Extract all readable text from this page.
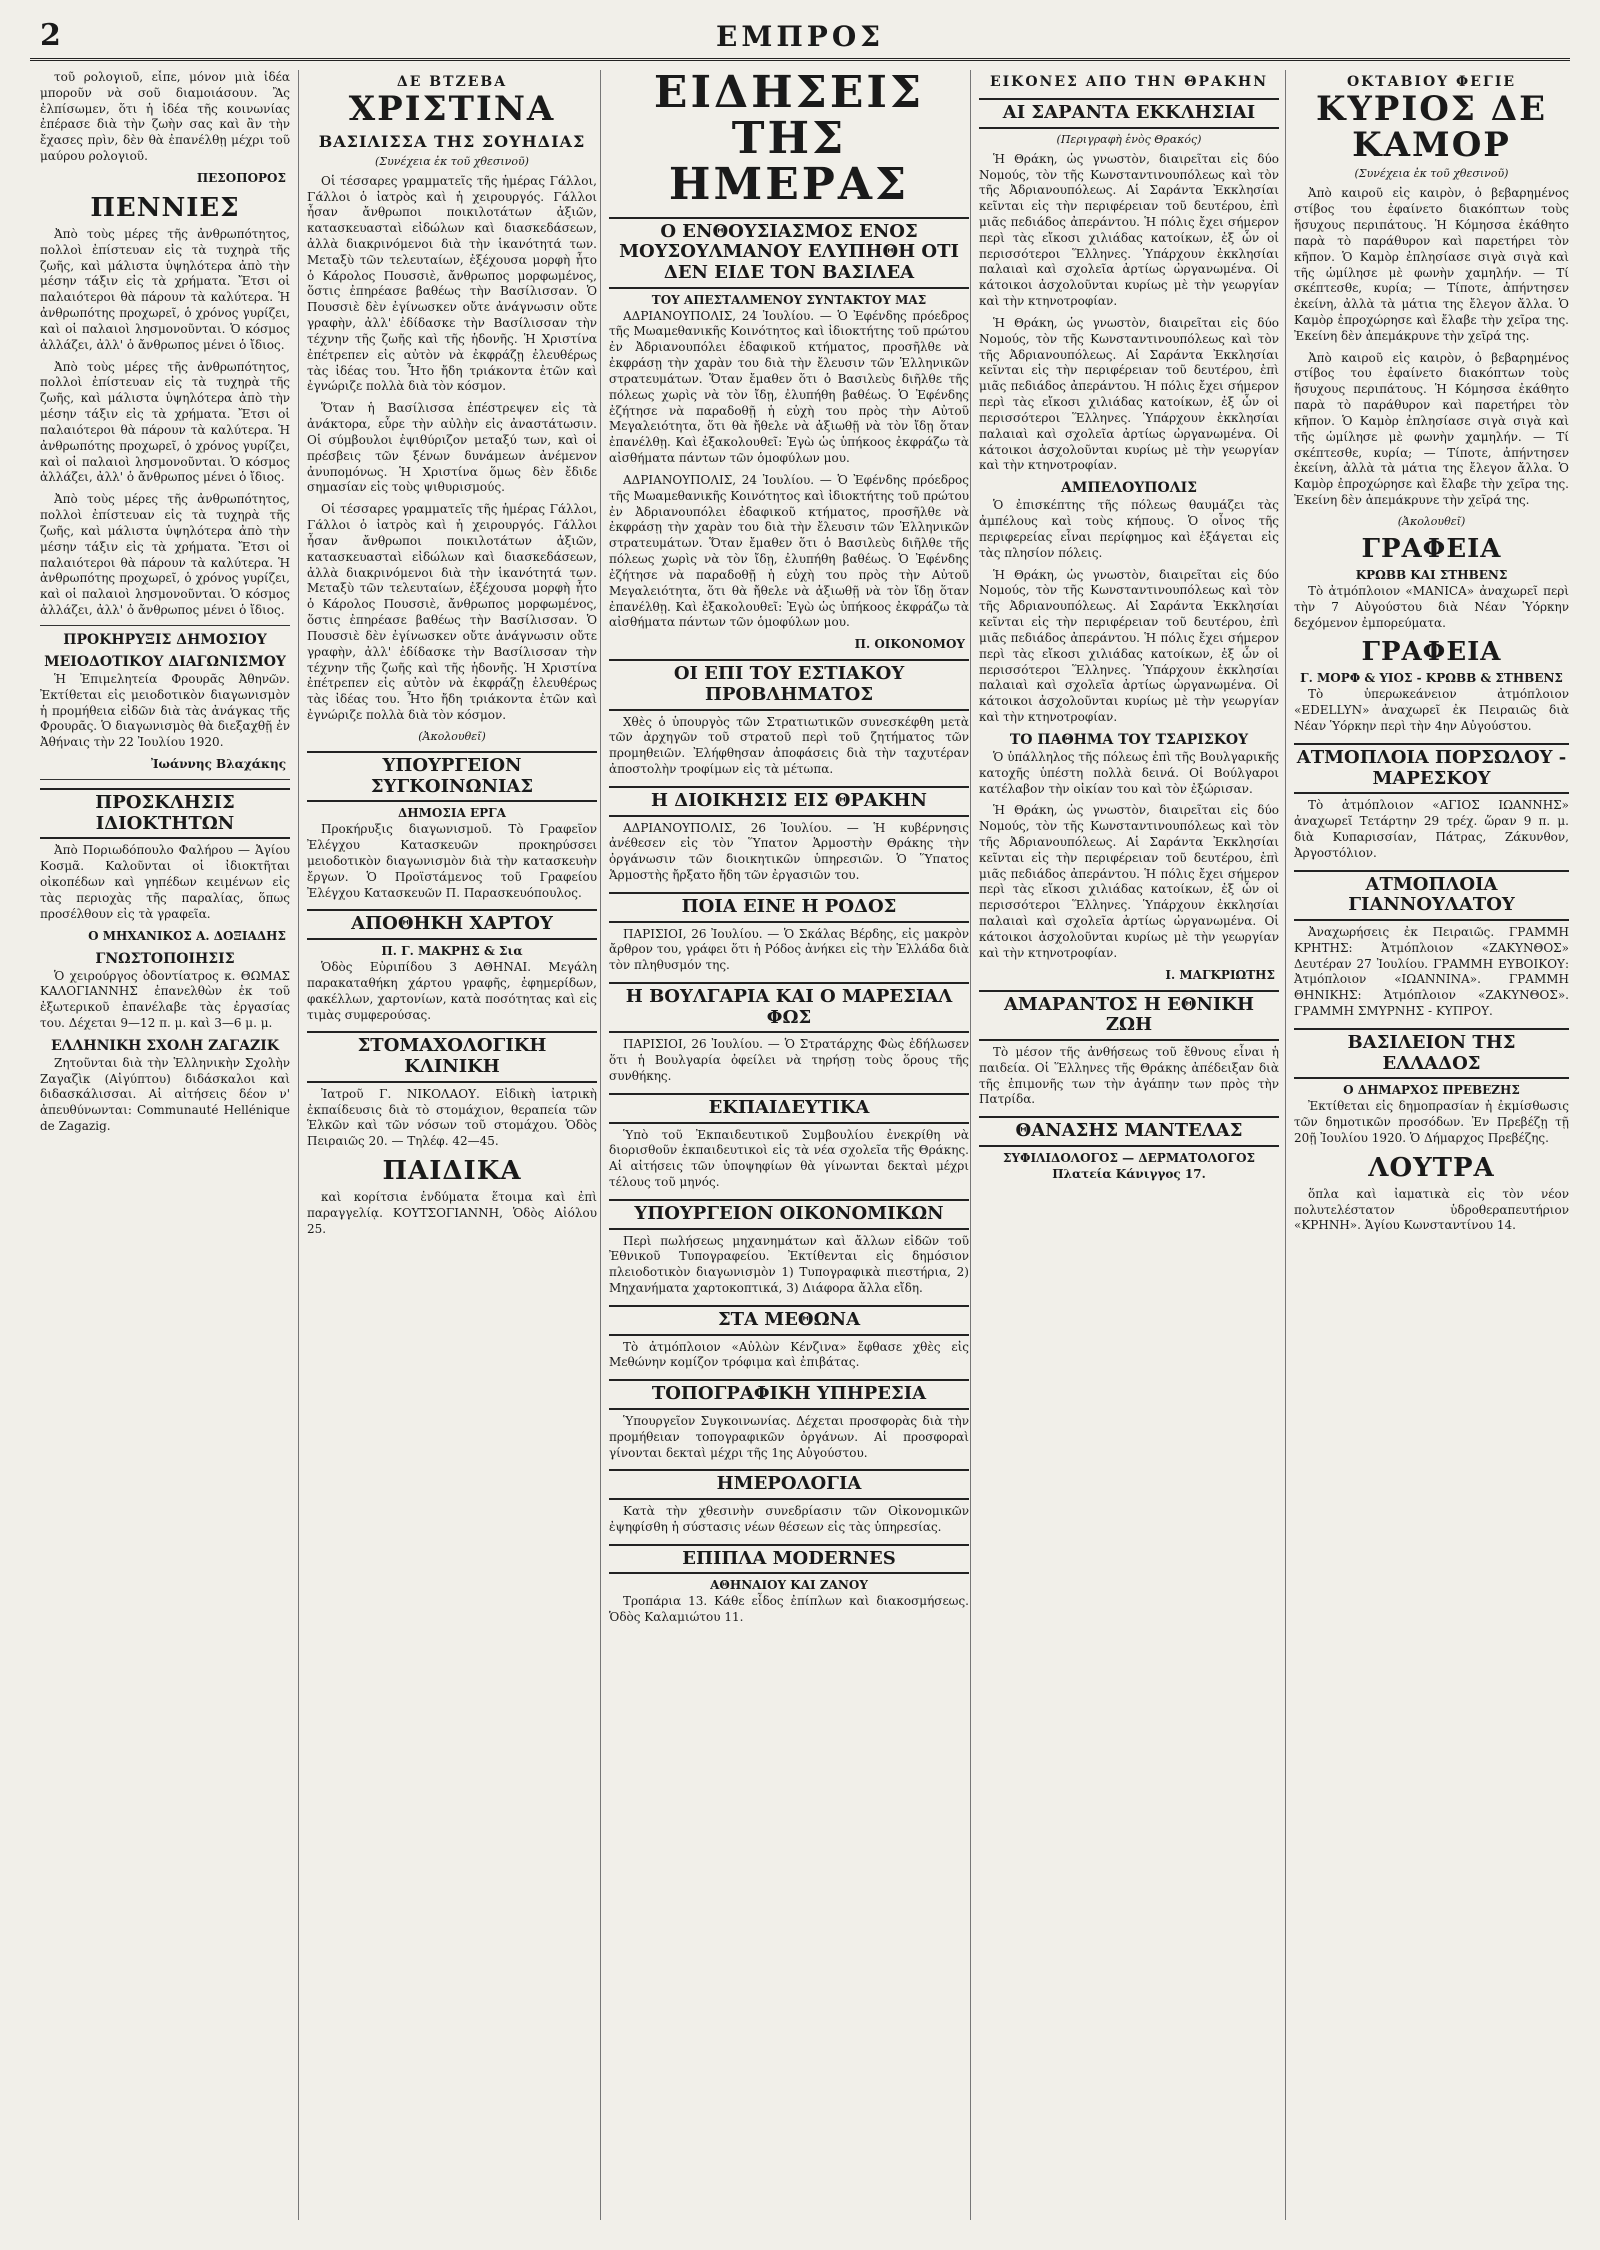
2	ΕΜΠΡΟΣ

τοῦ ρολογιοῦ, εἶπε, μόνον μιὰ ἰδέα μποροῦν νὰ σοῦ διαμοιάσουν. Ἂς ἐλπίσωμεν, ὅτι ἡ ἰδέα τῆς κοινωνίας ἐπέρασε διὰ τὴν ζωὴν σας καὶ ἂν τὴν ἔχασες πρὶν, δὲν θὰ ἐπανέλθῃ μέχρι τοῦ μαύρου ρολογιοῦ.

ΠΕΣΟΠΟΡΟΣ
ΠΕΝΝΙΕΣ

Ἀπὸ τοὺς μέρες τῆς ἀνθρωπότητος, πολλοὶ ἐπίστευαν εἰς τὰ τυχηρὰ τῆς ζωῆς, καὶ μάλιστα ὑψηλότερα ἀπὸ τὴν μέσην τάξιν εἰς τὰ χρήματα. Ἔτσι οἱ παλαιότεροι θὰ πάρουν τὰ καλύτερα. Ἡ ἀνθρωπότης προχωρεῖ, ὁ χρόνος γυρίζει, καὶ οἱ παλαιοὶ λησμονοῦνται. Ὁ κόσμος ἀλλάζει, ἀλλ' ὁ ἄνθρωπος μένει ὁ ἴδιος.

Ἀπὸ τοὺς μέρες τῆς ἀνθρωπότητος, πολλοὶ ἐπίστευαν εἰς τὰ τυχηρὰ τῆς ζωῆς, καὶ μάλιστα ὑψηλότερα ἀπὸ τὴν μέσην τάξιν εἰς τὰ χρήματα. Ἔτσι οἱ παλαιότεροι θὰ πάρουν τὰ καλύτερα. Ἡ ἀνθρωπότης προχωρεῖ, ὁ χρόνος γυρίζει, καὶ οἱ παλαιοὶ λησμονοῦνται. Ὁ κόσμος ἀλλάζει, ἀλλ' ὁ ἄνθρωπος μένει ὁ ἴδιος.

Ἀπὸ τοὺς μέρες τῆς ἀνθρωπότητος, πολλοὶ ἐπίστευαν εἰς τὰ τυχηρὰ τῆς ζωῆς, καὶ μάλιστα ὑψηλότερα ἀπὸ τὴν μέσην τάξιν εἰς τὰ χρήματα. Ἔτσι οἱ παλαιότεροι θὰ πάρουν τὰ καλύτερα. Ἡ ἀνθρωπότης προχωρεῖ, ὁ χρόνος γυρίζει, καὶ οἱ παλαιοὶ λησμονοῦνται. Ὁ κόσμος ἀλλάζει, ἀλλ' ὁ ἄνθρωπος μένει ὁ ἴδιος.

ΠΡΟΚΗΡΥΞΙΣ ΔΗΜΟΣΙΟΥ
ΜΕΙΟΔΟΤΙΚΟΥ ΔΙΑΓΩΝΙΣΜΟΥ

Ἡ Ἐπιμελητεία Φρουρᾶς Ἀθηνῶν. Ἐκτίθεται εἰς μειοδοτικὸν διαγωνισμὸν ἡ προμήθεια εἰδῶν διὰ τὰς ἀνάγκας τῆς Φρουρᾶς. Ὁ διαγωνισμὸς θὰ διεξαχθῇ ἐν Ἀθήναις τὴν 22 Ἰουλίου 1920.

Ἰωάννης Βλαχάκης
ΠΡΟΣΚΛΗΣΙΣ ΙΔΙΟΚΤΗΤΩΝ

Ἀπὸ Ποριωδόπουλο Φαλήρου — Ἁγίου Κοσμᾶ. Καλοῦνται οἱ ἰδιοκτῆται οἰκοπέδων καὶ γηπέδων κειμένων εἰς τὰς περιοχὰς τῆς παραλίας, ὅπως προσέλθουν εἰς τὰ γραφεῖα.

Ο ΜΗΧΑΝΙΚΟΣ Α. ΔΟΞΙΑΔΗΣ
ΓΝΩΣΤΟΠΟΙΗΣΙΣ

Ὁ χειρούργος ὀδοντίατρος κ. ΘΩΜΑΣ ΚΑΛΟΓΙΑΝΝΗΣ ἐπανελθὼν ἐκ τοῦ ἐξωτερικοῦ ἐπανέλαβε τὰς ἐργασίας του. Δέχεται 9—12 π. μ. καὶ 3—6 μ. μ.

ΕΛΛΗΝΙΚΗ ΣΧΟΛΗ ΖΑΓΑΖΙΚ

Ζητοῦνται διὰ τὴν Ἑλληνικὴν Σχολὴν Ζαγαζὶκ (Αἰγύπτου) διδάσκαλοι καὶ διδασκάλισσαι. Αἱ αἰτήσεις δέον ν' ἀπευθύνωνται: Communauté Hellénique de Zagazig.

ΔΕ ΒΤΖΕΒΑ
ΧΡΙΣΤΙΝΑ
ΒΑΣΙΛΙΣΣΑ ΤΗΣ ΣΟΥΗΔΙΑΣ
(Συνέχεια ἐκ τοῦ χθεσινοῦ)

Οἱ τέσσαρες γραμματεῖς τῆς ἡμέρας Γάλλοι, Γάλλοι ὁ ἰατρὸς καὶ ἡ χειρουργός. Γάλλοι ἦσαν ἄνθρωποι ποικιλοτάτων ἀξιῶν, κατασκευασταὶ εἰδώλων καὶ διασκεδάσεων, ἀλλὰ διακρινόμενοι διὰ τὴν ἱκανότητά των. Μεταξὺ τῶν τελευταίων, ἐξέχουσα μορφὴ ἦτο ὁ Κάρολος Πουσσιὲ, ἄνθρωπος μορφωμένος, ὅστις ἐπηρέασε βαθέως τὴν Βασίλισσαν. Ὁ Πουσσιὲ δὲν ἐγίνωσκεν οὔτε ἀνάγνωσιν οὔτε γραφὴν, ἀλλ' ἐδίδασκε τὴν Βασίλισσαν τὴν τέχνην τῆς ζωῆς καὶ τῆς ἡδονῆς. Ἡ Χριστίνα ἐπέτρεπεν εἰς αὐτὸν νὰ ἐκφράζῃ ἐλευθέρως τὰς ἰδέας του. Ἦτο ἤδη τριάκοντα ἐτῶν καὶ ἐγνώριζε πολλὰ διὰ τὸν κόσμον.

Ὅταν ἡ Βασίλισσα ἐπέστρεψεν εἰς τὰ ἀνάκτορα, εὗρε τὴν αὐλὴν εἰς ἀναστάτωσιν. Οἱ σύμβουλοι ἐψιθύριζον μεταξύ των, καὶ οἱ πρέσβεις τῶν ξένων δυνάμεων ἀνέμενον ἀνυπομόνως. Ἡ Χριστίνα ὅμως δὲν ἔδιδε σημασίαν εἰς τοὺς ψιθυρισμούς.

Οἱ τέσσαρες γραμματεῖς τῆς ἡμέρας Γάλλοι, Γάλλοι ὁ ἰατρὸς καὶ ἡ χειρουργός. Γάλλοι ἦσαν ἄνθρωποι ποικιλοτάτων ἀξιῶν, κατασκευασταὶ εἰδώλων καὶ διασκεδάσεων, ἀλλὰ διακρινόμενοι διὰ τὴν ἱκανότητά των. Μεταξὺ τῶν τελευταίων, ἐξέχουσα μορφὴ ἦτο ὁ Κάρολος Πουσσιὲ, ἄνθρωπος μορφωμένος, ὅστις ἐπηρέασε βαθέως τὴν Βασίλισσαν. Ὁ Πουσσιὲ δὲν ἐγίνωσκεν οὔτε ἀνάγνωσιν οὔτε γραφὴν, ἀλλ' ἐδίδασκε τὴν Βασίλισσαν τὴν τέχνην τῆς ζωῆς καὶ τῆς ἡδονῆς. Ἡ Χριστίνα ἐπέτρεπεν εἰς αὐτὸν νὰ ἐκφράζῃ ἐλευθέρως τὰς ἰδέας του. Ἦτο ἤδη τριάκοντα ἐτῶν καὶ ἐγνώριζε πολλὰ διὰ τὸν κόσμον.

(Ἀκολουθεῖ)
ΥΠΟΥΡΓΕΙΟΝ ΣΥΓΚΟΙΝΩΝΙΑΣ
ΔΗΜΟΣΙΑ ΕΡΓΑ

Προκήρυξις διαγωνισμοῦ. Τὸ Γραφεῖον Ἐλέγχου Κατασκευῶν προκηρύσσει μειοδοτικὸν διαγωνισμὸν διὰ τὴν κατασκευὴν ἔργων. Ὁ Προϊστάμενος τοῦ Γραφείου Ἐλέγχου Κατασκευῶν Π. Παρασκευόπουλος.

ΑΠΟΘΗΚΗ ΧΑΡΤΟΥ
Π. Γ. ΜΑΚΡΗΣ & Σια

Ὁδὸς Εὐριπίδου 3 ΑΘΗΝΑΙ. Μεγάλη παρακαταθήκη χάρτου γραφῆς, ἐφημερίδων, φακέλλων, χαρτονίων, κατὰ ποσότητας καὶ εἰς τιμὰς συμφερούσας.

ΣΤΟΜΑΧΟΛΟΓΙΚΗ ΚΛΙΝΙΚΗ

Ἰατροῦ Γ. ΝΙΚΟΛΑΟΥ. Εἰδικὴ ἰατρικὴ ἐκπαίδευσις διὰ τὸ στομάχιον, θεραπεία τῶν Ἑλκῶν καὶ τῶν νόσων τοῦ στομάχου. Ὁδὸς Πειραιῶς 20. — Τηλέφ. 42—45.

ΠΑΙΔΙΚΑ

καὶ κορίτσια ἐνδύματα ἕτοιμα καὶ ἐπὶ παραγγελίᾳ. ΚΟΥΤΣΟΓΙΑΝΝΗ, Ὁδὸς Αἰόλου 25.

ΕΙΔΗΣΕΙΣ ΤΗΣ ΗΜΕΡΑΣ
Ο ΕΝΘΟΥΣΙΑΣΜΟΣ ΕΝΟΣ ΜΟΥΣΟΥΛΜΑΝΟΥ ΕΛΥΠΗΘΗ ΟΤΙ ΔΕΝ ΕΙΔΕ ΤΟΝ ΒΑΣΙΛΕΑ
ΤΟΥ ΑΠΕΣΤΑΛΜΕΝΟΥ ΣΥΝΤΑΚΤΟΥ ΜΑΣ

ΑΔΡΙΑΝΟΥΠΟΛΙΣ, 24 Ἰουλίου. — Ὁ Ἐφένδης πρόεδρος τῆς Μωαμεθανικῆς Κοινότητος καὶ ἰδιοκτήτης τοῦ πρώτου ἐν Ἀδριανουπόλει ἐδαφικοῦ κτήματος, προσῆλθε νὰ ἐκφράσῃ τὴν χαρὰν του διὰ τὴν ἔλευσιν τῶν Ἑλληνικῶν στρατευμάτων. Ὅταν ἔμαθεν ὅτι ὁ Βασιλεὺς διῆλθε τῆς πόλεως χωρὶς νὰ τὸν ἴδῃ, ἐλυπήθη βαθέως. Ὁ Ἐφένδης ἐζήτησε νὰ παραδοθῇ ἡ εὐχὴ του πρὸς τὴν Αὐτοῦ Μεγαλειότητα, ὅτι θὰ ἤθελε νὰ ἀξιωθῇ νὰ τὸν ἴδῃ ὅταν ἐπανέλθῃ. Καὶ ἐξακολουθεῖ: Ἐγὼ ὡς ὑπήκοος ἐκφράζω τὰ αἰσθήματα πάντων τῶν ὁμοφύλων μου.

ΑΔΡΙΑΝΟΥΠΟΛΙΣ, 24 Ἰουλίου. — Ὁ Ἐφένδης πρόεδρος τῆς Μωαμεθανικῆς Κοινότητος καὶ ἰδιοκτήτης τοῦ πρώτου ἐν Ἀδριανουπόλει ἐδαφικοῦ κτήματος, προσῆλθε νὰ ἐκφράσῃ τὴν χαρὰν του διὰ τὴν ἔλευσιν τῶν Ἑλληνικῶν στρατευμάτων. Ὅταν ἔμαθεν ὅτι ὁ Βασιλεὺς διῆλθε τῆς πόλεως χωρὶς νὰ τὸν ἴδῃ, ἐλυπήθη βαθέως. Ὁ Ἐφένδης ἐζήτησε νὰ παραδοθῇ ἡ εὐχὴ του πρὸς τὴν Αὐτοῦ Μεγαλειότητα, ὅτι θὰ ἤθελε νὰ ἀξιωθῇ νὰ τὸν ἴδῃ ὅταν ἐπανέλθῃ. Καὶ ἐξακολουθεῖ: Ἐγὼ ὡς ὑπήκοος ἐκφράζω τὰ αἰσθήματα πάντων τῶν ὁμοφύλων μου.

Π. ΟΙΚΟΝΟΜΟΥ
ΟΙ ΕΠΙ ΤΟΥ ΕΣΤΙΑΚΟΥ ΠΡΟΒΛΗΜΑΤΟΣ

Χθὲς ὁ ὑπουργὸς τῶν Στρατιωτικῶν συνεσκέφθη μετὰ τῶν ἀρχηγῶν τοῦ στρατοῦ περὶ τοῦ ζητήματος τῶν προμηθειῶν. Ἐλήφθησαν ἀποφάσεις διὰ τὴν ταχυτέραν ἀποστολὴν τροφίμων εἰς τὰ μέτωπα.

Η ΔΙΟΙΚΗΣΙΣ ΕΙΣ ΘΡΑΚΗΝ

ΑΔΡΙΑΝΟΥΠΟΛΙΣ, 26 Ἰουλίου. — Ἡ κυβέρνησις ἀνέθεσεν εἰς τὸν Ὕπατον Ἁρμοστὴν Θράκης τὴν ὀργάνωσιν τῶν διοικητικῶν ὑπηρεσιῶν. Ὁ Ὕπατος Ἁρμοστὴς ἤρξατο ἤδη τῶν ἐργασιῶν του.

ΠΟΙΑ ΕΙΝΕ Η ΡΟΔΟΣ

ΠΑΡΙΣΙΟΙ, 26 Ἰουλίου. — Ὁ Σκάλας Βέρδης, εἰς μακρὸν ἄρθρον του, γράφει ὅτι ἡ Ρόδος ἀνήκει εἰς τὴν Ἑλλάδα διὰ τὸν πληθυσμόν της.

Η ΒΟΥΛΓΑΡΙΑ ΚΑΙ Ο ΜΑΡΕΣΙΑΛ ΦΩΣ

ΠΑΡΙΣΙΟΙ, 26 Ἰουλίου. — Ὁ Στρατάρχης Φὼς ἐδήλωσεν ὅτι ἡ Βουλγαρία ὀφείλει νὰ τηρήσῃ τοὺς ὅρους τῆς συνθήκης.

ΕΚΠΑΙΔΕΥΤΙΚΑ

Ὑπὸ τοῦ Ἐκπαιδευτικοῦ Συμβουλίου ἐνεκρίθη νὰ διορισθοῦν ἐκπαιδευτικοὶ εἰς τὰ νέα σχολεῖα τῆς Θράκης. Αἱ αἰτήσεις τῶν ὑποψηφίων θὰ γίνωνται δεκταὶ μέχρι τέλους τοῦ μηνός.

ΥΠΟΥΡΓΕΙΟΝ ΟΙΚΟΝΟΜΙΚΩΝ

Περὶ πωλήσεως μηχανημάτων καὶ ἄλλων εἰδῶν τοῦ Ἐθνικοῦ Τυπογραφείου. Ἐκτίθενται εἰς δημόσιον πλειοδοτικὸν διαγωνισμὸν 1) Τυπογραφικὰ πιεστήρια, 2) Μηχανήματα χαρτοκοπτικά, 3) Διάφορα ἄλλα εἴδη.

ΣΤΑ ΜΕΘΩΝΑ

Τὸ ἀτμόπλοιον «Αὐλὼν Κένζινα» ἔφθασε χθὲς εἰς Μεθώνην κομίζον τρόφιμα καὶ ἐπιβάτας.

ΤΟΠΟΓΡΑΦΙΚΗ ΥΠΗΡΕΣΙΑ

Ὑπουργεῖον Συγκοινωνίας. Δέχεται προσφορὰς διὰ τὴν προμήθειαν τοπογραφικῶν ὀργάνων. Αἱ προσφοραὶ γίνονται δεκταὶ μέχρι τῆς 1ης Αὐγούστου.

ΗΜΕΡΟΛΟΓΙΑ

Κατὰ τὴν χθεσινὴν συνεδρίασιν τῶν Οἰκονομικῶν ἐψηφίσθη ἡ σύστασις νέων θέσεων εἰς τὰς ὑπηρεσίας.

ΕΠΙΠΛΑ MODERNES
ΑΘΗΝΑΙΟΥ ΚΑΙ ΖΑΝΟΥ

Τροπάρια 13. Κάθε εἶδος ἐπίπλων καὶ διακοσμήσεως. Ὁδὸς Καλαμιώτου 11.

ΕΙΚΟΝΕΣ ΑΠΟ ΤΗΝ ΘΡΑΚΗΝ
ΑΙ ΣΑΡΑΝΤΑ ΕΚΚΛΗΣΙΑΙ
(Περιγραφὴ ἑνὸς Θρακός)

Ἡ Θράκη, ὡς γνωστὸν, διαιρεῖται εἰς δύο Νομούς, τὸν τῆς Κωνσταντινουπόλεως καὶ τὸν τῆς Ἀδριανουπόλεως. Αἱ Σαράντα Ἐκκλησίαι κεῖνται εἰς τὴν περιφέρειαν τοῦ δευτέρου, ἐπὶ μιᾶς πεδιάδος ἀπεράντου. Ἡ πόλις ἔχει σήμερον περὶ τὰς εἴκοσι χιλιάδας κατοίκων, ἐξ ὧν οἱ περισσότεροι Ἕλληνες. Ὑπάρχουν ἐκκλησίαι παλαιαὶ καὶ σχολεῖα ἀρτίως ὠργανωμένα. Οἱ κάτοικοι ἀσχολοῦνται κυρίως μὲ τὴν γεωργίαν καὶ τὴν κτηνοτροφίαν.

Ἡ Θράκη, ὡς γνωστὸν, διαιρεῖται εἰς δύο Νομούς, τὸν τῆς Κωνσταντινουπόλεως καὶ τὸν τῆς Ἀδριανουπόλεως. Αἱ Σαράντα Ἐκκλησίαι κεῖνται εἰς τὴν περιφέρειαν τοῦ δευτέρου, ἐπὶ μιᾶς πεδιάδος ἀπεράντου. Ἡ πόλις ἔχει σήμερον περὶ τὰς εἴκοσι χιλιάδας κατοίκων, ἐξ ὧν οἱ περισσότεροι Ἕλληνες. Ὑπάρχουν ἐκκλησίαι παλαιαὶ καὶ σχολεῖα ἀρτίως ὠργανωμένα. Οἱ κάτοικοι ἀσχολοῦνται κυρίως μὲ τὴν γεωργίαν καὶ τὴν κτηνοτροφίαν.

ΑΜΠΕΛΟΥΠΟΛΙΣ

Ὁ ἐπισκέπτης τῆς πόλεως θαυμάζει τὰς ἀμπέλους καὶ τοὺς κήπους. Ὁ οἶνος τῆς περιφερείας εἶναι περίφημος καὶ ἐξάγεται εἰς τὰς πλησίον πόλεις.

Ἡ Θράκη, ὡς γνωστὸν, διαιρεῖται εἰς δύο Νομούς, τὸν τῆς Κωνσταντινουπόλεως καὶ τὸν τῆς Ἀδριανουπόλεως. Αἱ Σαράντα Ἐκκλησίαι κεῖνται εἰς τὴν περιφέρειαν τοῦ δευτέρου, ἐπὶ μιᾶς πεδιάδος ἀπεράντου. Ἡ πόλις ἔχει σήμερον περὶ τὰς εἴκοσι χιλιάδας κατοίκων, ἐξ ὧν οἱ περισσότεροι Ἕλληνες. Ὑπάρχουν ἐκκλησίαι παλαιαὶ καὶ σχολεῖα ἀρτίως ὠργανωμένα. Οἱ κάτοικοι ἀσχολοῦνται κυρίως μὲ τὴν γεωργίαν καὶ τὴν κτηνοτροφίαν.

ΤΟ ΠΑΘΗΜΑ ΤΟΥ ΤΣΑΡΙΣΚΟΥ

Ὁ ὑπάλληλος τῆς πόλεως ἐπὶ τῆς Βουλγαρικῆς κατοχῆς ὑπέστη πολλὰ δεινά. Οἱ Βούλγαροι κατέλαβον τὴν οἰκίαν του καὶ τὸν ἐξώρισαν.

Ἡ Θράκη, ὡς γνωστὸν, διαιρεῖται εἰς δύο Νομούς, τὸν τῆς Κωνσταντινουπόλεως καὶ τὸν τῆς Ἀδριανουπόλεως. Αἱ Σαράντα Ἐκκλησίαι κεῖνται εἰς τὴν περιφέρειαν τοῦ δευτέρου, ἐπὶ μιᾶς πεδιάδος ἀπεράντου. Ἡ πόλις ἔχει σήμερον περὶ τὰς εἴκοσι χιλιάδας κατοίκων, ἐξ ὧν οἱ περισσότεροι Ἕλληνες. Ὑπάρχουν ἐκκλησίαι παλαιαὶ καὶ σχολεῖα ἀρτίως ὠργανωμένα. Οἱ κάτοικοι ἀσχολοῦνται κυρίως μὲ τὴν γεωργίαν καὶ τὴν κτηνοτροφίαν.

I. ΜΑΓΚΡΙΩΤΗΣ
ΑΜΑΡΑΝΤΟΣ Η ΕΘΝΙΚΗ ΖΩΗ

Τὸ μέσον τῆς ἀνθήσεως τοῦ ἔθνους εἶναι ἡ παιδεία. Οἱ Ἕλληνες τῆς Θράκης ἀπέδειξαν διὰ τῆς ἐπιμονῆς των τὴν ἀγάπην των πρὸς τὴν Πατρίδα.

ΘΑΝΑΣΗΣ ΜΑΝΤΕΛΑΣ
ΣΥΦΙΛΙΔΟΛΟΓΟΣ — ΔΕΡΜΑΤΟΛΟΓΟΣ
Πλατεία Κάνιγγος 17.
ΟΚΤΑΒΙΟΥ ΦΕΓΙΕ
ΚΥΡΙΟΣ ΔΕ ΚΑΜΟΡ
(Συνέχεια ἐκ τοῦ χθεσινοῦ)

Ἀπὸ καιροῦ εἰς καιρὸν, ὁ βεβαρημένος στίβος του ἐφαίνετο διακόπτων τοὺς ἥσυχους περιπάτους. Ἡ Κόμησσα ἐκάθητο παρὰ τὸ παράθυρον καὶ παρετήρει τὸν κῆπον. Ὁ Καμὸρ ἐπλησίασε σιγὰ σιγὰ καὶ τῆς ὡμίλησε μὲ φωνὴν χαμηλήν. — Τί σκέπτεσθε, κυρία; — Τίποτε, ἀπήντησεν ἐκείνη, ἀλλὰ τὰ μάτια της ἔλεγον ἄλλα. Ὁ Καμὸρ ἐπροχώρησε καὶ ἔλαβε τὴν χεῖρα της. Ἐκείνη δὲν ἀπεμάκρυνε τὴν χεῖρά της.

Ἀπὸ καιροῦ εἰς καιρὸν, ὁ βεβαρημένος στίβος του ἐφαίνετο διακόπτων τοὺς ἥσυχους περιπάτους. Ἡ Κόμησσα ἐκάθητο παρὰ τὸ παράθυρον καὶ παρετήρει τὸν κῆπον. Ὁ Καμὸρ ἐπλησίασε σιγὰ σιγὰ καὶ τῆς ὡμίλησε μὲ φωνὴν χαμηλήν. — Τί σκέπτεσθε, κυρία; — Τίποτε, ἀπήντησεν ἐκείνη, ἀλλὰ τὰ μάτια της ἔλεγον ἄλλα. Ὁ Καμὸρ ἐπροχώρησε καὶ ἔλαβε τὴν χεῖρα της. Ἐκείνη δὲν ἀπεμάκρυνε τὴν χεῖρά της.

(Ἀκολουθεῖ)
ΓΡΑΦΕΙΑ
ΚΡΩΒΒ ΚΑΙ ΣΤΗΒΕΝΣ

Τὸ ἀτμόπλοιον «MANICA» ἀναχωρεῖ περὶ τὴν 7 Αὐγούστου διὰ Νέαν Ὑόρκην δεχόμενον ἐμπορεύματα.

ΓΡΑΦΕΙΑ
Γ. ΜΟΡΦ & ΥΙΟΣ - ΚΡΩΒΒ & ΣΤΗΒΕΝΣ

Τὸ ὑπερωκεάνειον ἀτμόπλοιον «EDELLYN» ἀναχωρεῖ ἐκ Πειραιῶς διὰ Νέαν Ὑόρκην περὶ τὴν 4ην Αὐγούστου.

ΑΤΜΟΠΛΟΙΑ ΠΟΡΣΩΛΟΥ - ΜΑΡΕΣΚΟΥ

Τὸ ἀτμόπλοιον «ΑΓΙΟΣ ΙΩΑΝΝΗΣ» ἀναχωρεῖ Τετάρτην 29 τρέχ. ὥραν 9 π. μ. διὰ Κυπαρισσίαν, Πάτρας, Ζάκυνθον, Ἀργοστόλιον.

ΑΤΜΟΠΛΟΙΑ ΓΙΑΝΝΟΥΛΑΤΟΥ

Ἀναχωρήσεις ἐκ Πειραιῶς. ΓΡΑΜΜΗ ΚΡΗΤΗΣ: Ἀτμόπλοιον «ΖΑΚΥΝΘΟΣ» Δευτέραν 27 Ἰουλίου. ΓΡΑΜΜΗ ΕΥΒΟΙΚΟΥ: Ἀτμόπλοιον «ΙΩΑΝΝΙΝΑ». ΓΡΑΜΜΗ ΘΗΝΙΚΗΣ: Ἀτμόπλοιον «ΖΑΚΥΝΘΟΣ». ΓΡΑΜΜΗ ΣΜΥΡΝΗΣ - ΚΥΠΡΟΥ.

ΒΑΣΙΛΕΙΟΝ ΤΗΣ ΕΛΛΑΔΟΣ
Ο ΔΗΜΑΡΧΟΣ ΠΡΕΒΕΖΗΣ

Ἐκτίθεται εἰς δημοπρασίαν ἡ ἐκμίσθωσις τῶν δημοτικῶν προσόδων. Ἐν Πρεβέζῃ τῇ 20ῇ Ἰουλίου 1920. Ὁ Δήμαρχος Πρεβέζης.

ΛΟΥΤΡΑ

ὅπλα καὶ ἰαματικὰ εἰς τὸν νέον πολυτελέστατον ὑδροθεραπευτήριον «ΚΡΗΝΗ». Ἁγίου Κωνσταντίνου 14.
